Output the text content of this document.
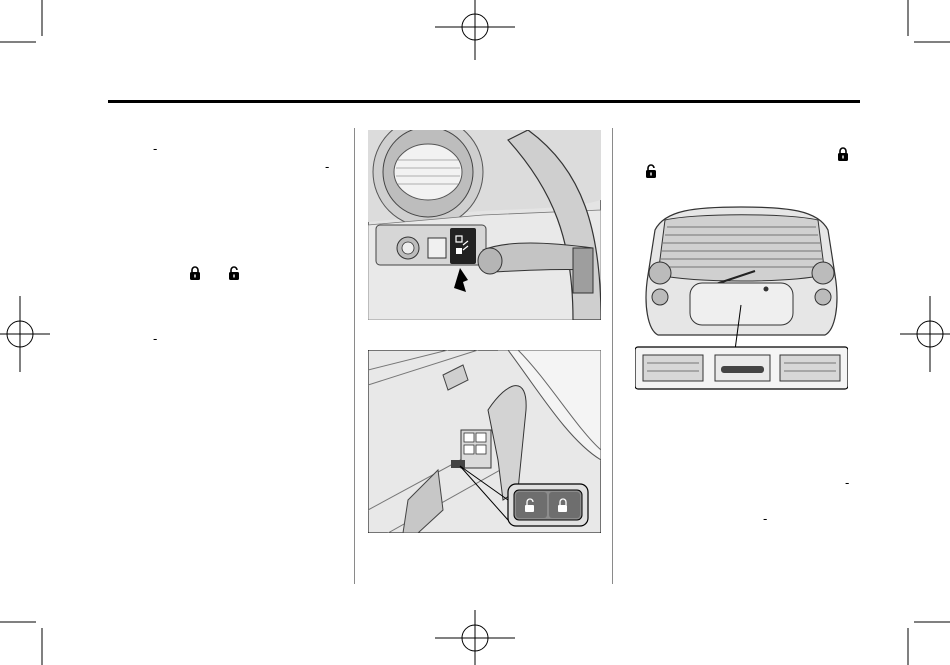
-
-
-
-
-
